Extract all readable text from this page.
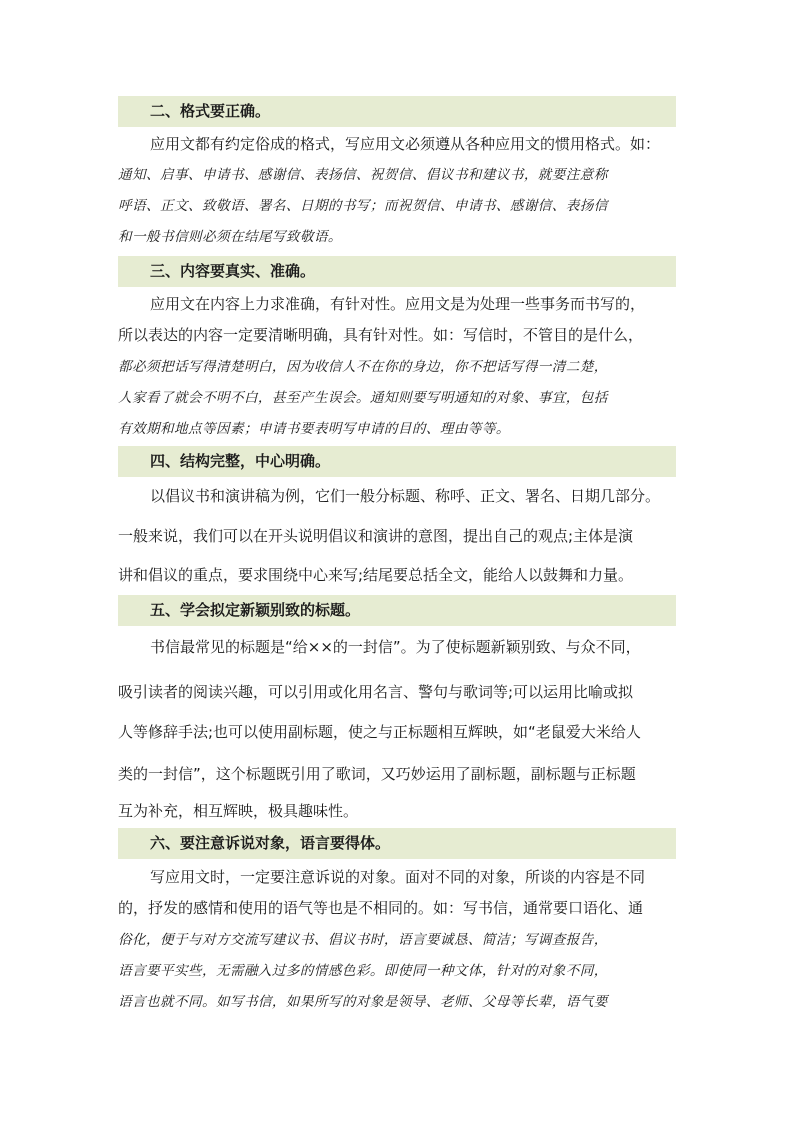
二、格式要正确。
应用文都有约定俗成的格式，写应用文必须遵从各种应用文的惯用格式。如：
通知、启事、申请书、感谢信、表扬信、祝贺信、倡议书和建议书，就要注意称
呼语、正文、致敬语、署名、日期的书写；而祝贺信、申请书、感谢信、表扬信
和一般书信则必须在结尾写致敬语。
三、内容要真实、准确。
应用文在内容上力求准确，有针对性。应用文是为处理一些事务而书写的，
所以表达的内容一定要清晰明确，具有针对性。如：写信时，不管目的是什么，
都必须把话写得清楚明白，因为收信人不在你的身边，你不把话写得一清二楚，
人家看了就会不明不白，甚至产生误会。通知则要写明通知的对象、事宜，包括
有效期和地点等因素；申请书要表明写申请的目的、理由等等。
四、结构完整，中心明确。
以倡议书和演讲稿为例，它们一般分标题、称呼、正文、署名、日期几部分。
一般来说，我们可以在开头说明倡议和演讲的意图，提出自己的观点;主体是演
讲和倡议的重点，要求围绕中心来写;结尾要总括全文，能给人以鼓舞和力量。
五、学会拟定新颖别致的标题。
书信最常见的标题是“给××的一封信”。为了使标题新颖别致、与众不同，
吸引读者的阅读兴趣，可以引用或化用名言、警句与歌词等;可以运用比喻或拟
人等修辞手法;也可以使用副标题，使之与正标题相互辉映，如“老鼠爱大米给人
类的一封信”，这个标题既引用了歌词，又巧妙运用了副标题，副标题与正标题
互为补充，相互辉映，极具趣味性。
六、要注意诉说对象，语言要得体。
写应用文时，一定要注意诉说的对象。面对不同的对象，所谈的内容是不同
的，抒发的感情和使用的语气等也是不相同的。如：写书信，通常要口语化、通
俗化，便于与对方交流写建议书、倡议书时，语言要诚恳、简洁；写调查报告，
语言要平实些，无需融入过多的情感色彩。即使同一种文体，针对的对象不同，
语言也就不同。如写书信，如果所写的对象是领导、老师、父母等长辈，语气要
